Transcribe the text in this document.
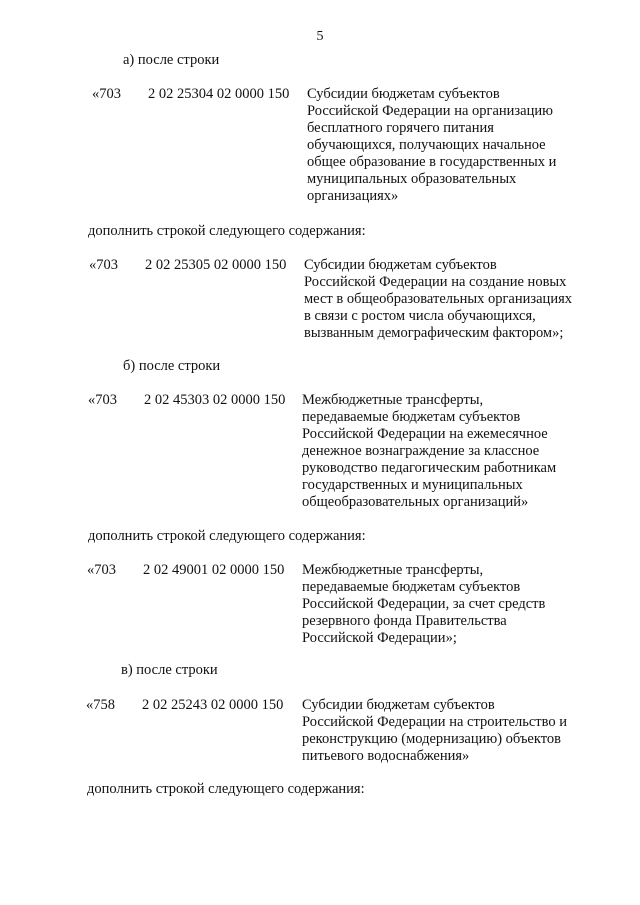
5
а) после строки
«703 2 02 25304 02 0000 150 Субсидии бюджетам субъектов
Российской Федерации на организацию
бесплатного горячего питания
обучающихся, получающих начальное
общее образование в государственных и
муниципальных образовательных
организациях»
дополнить строкой следующего содержания:
«703 2 02 25305 02 0000 150 Субсидии бюджетам субъектов
Российской Федерации на создание новых
мест в общеобразовательных организациях
в связи с ростом числа обучающихся,
вызванным демографическим фактором»;
б) после строки
«703 2 02 45303 02 0000 150 Межбюджетные трансферты,
передаваемые бюджетам субъектов
Российской Федерации на ежемесячное
денежное вознаграждение за классное
руководство педагогическим работникам
государственных и муниципальных
общеобразовательных организаций»
дополнить строкой следующего содержания:
«703 2 02 49001 02 0000 150 Межбюджетные трансферты,
передаваемые бюджетам субъектов
Российской Федерации, за счет средств
резервного фонда Правительства
Российской Федерации»;
в) после строки
«758 2 02 25243 02 0000 150 Субсидии бюджетам субъектов
Российской Федерации на строительство и
реконструкцию (модернизацию) объектов
питьевого водоснабжения»
дополнить строкой следующего содержания:
